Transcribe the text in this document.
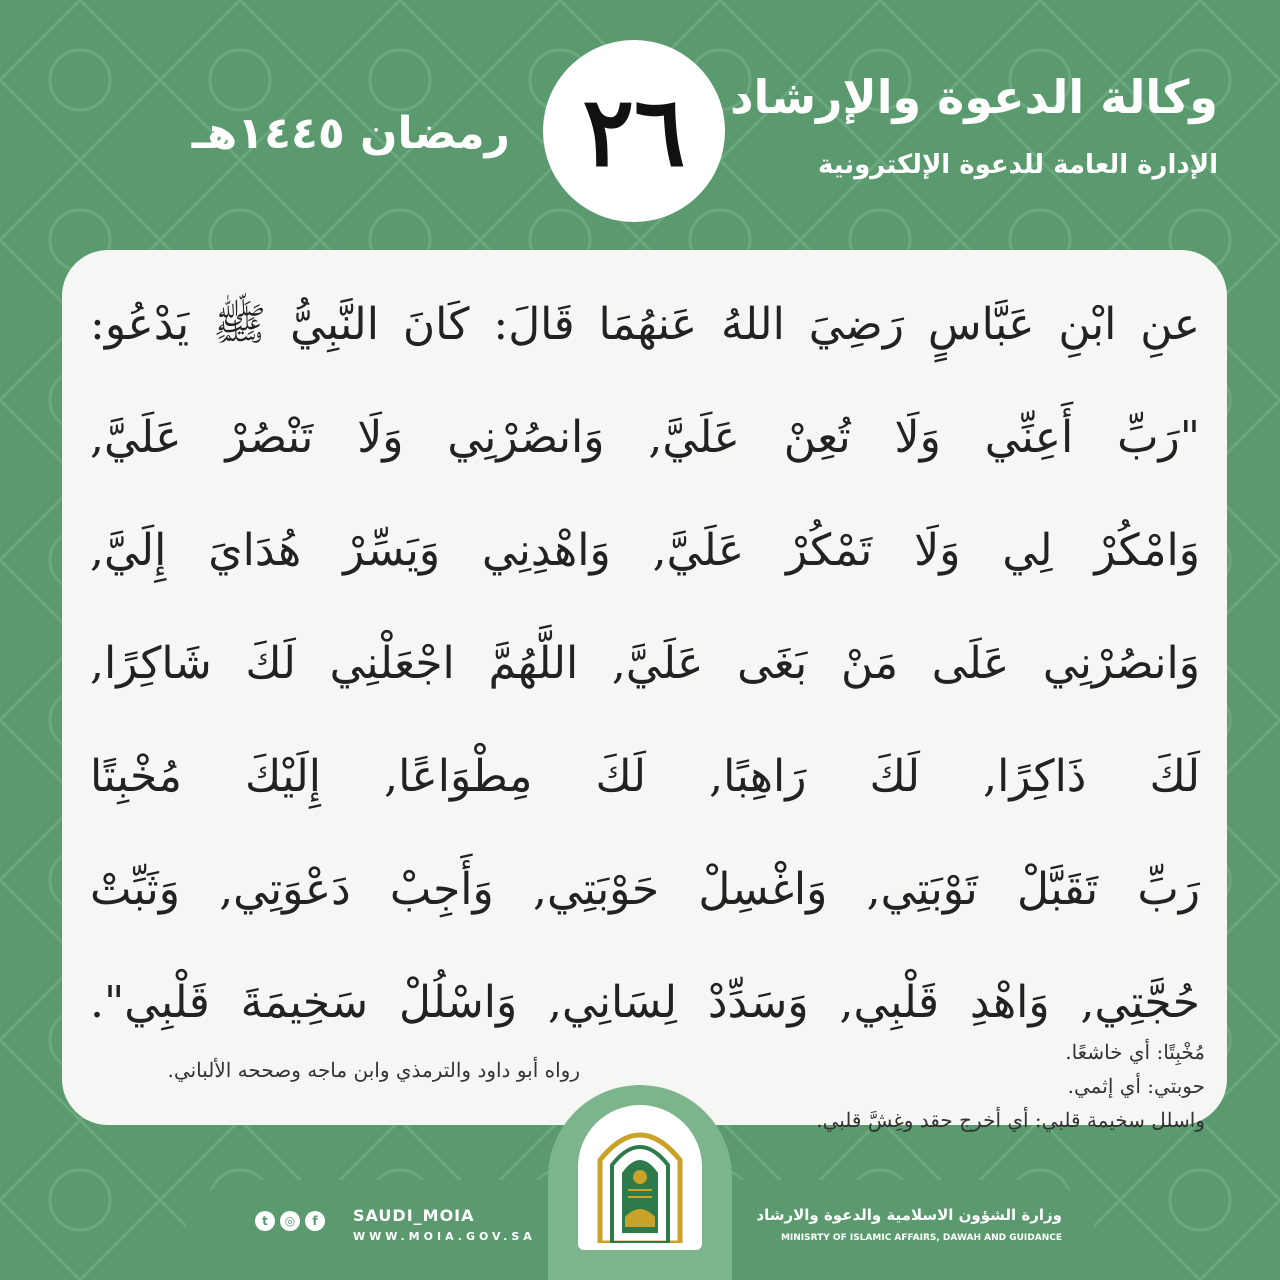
وكالة الدعوة والإرشاد
الإدارة العامة للدعوة الإلكترونية
٢٦
رمضان ١٤٤٥هـ
عنِ ابْنِ عَبَّاسٍ رَضِيَ اللهُ عَنهُمَا قَالَ: كَانَ النَّبِيُّ ﷺ يَدْعُو:
"رَبِّ أَعِنِّي وَلَا تُعِنْ عَلَيَّ, وَانصُرْنِي وَلَا تَنْصُرْ عَلَيَّ,
وَامْكُرْ لِي وَلَا تَمْكُرْ عَلَيَّ, وَاهْدِنِي وَيَسِّرْ هُدَايَ إِلَيَّ,
وَانصُرْنِي عَلَى مَنْ بَغَى عَلَيَّ, اللَّهُمَّ اجْعَلْنِي لَكَ شَاكِرًا,
لَكَ ذَاكِرًا, لَكَ رَاهِبًا, لَكَ مِطْوَاعًا, إِلَيْكَ مُخْبِتًا
رَبِّ تَقَبَّلْ تَوْبَتِي, وَاغْسِلْ حَوْبَتِي, وَأَجِبْ دَعْوَتِي, وَثَبِّتْ
حُجَّتِي, وَاهْدِ قَلْبِي, وَسَدِّدْ لِسَانِي, وَاسْلُلْ سَخِيمَةَ قَلْبِي".
رواه أبو داود والترمذي وابن ماجه وصححه الألباني.
مُخْبِتًا: أي خاشعًا.
حوبتي: أي إثمي.
واسلل سخيمة قلبي: أي أخرج حقد وغِشَّ قلبي.
وزارة الشؤون الاسلامية والدعوة والارشاد
MINISRTY OF ISLAMIC AFFAIRS, DAWAH AND GUIDANCE
t	◎	f	SAUDI_MOIA
WWW.MOIA.GOV.SA
